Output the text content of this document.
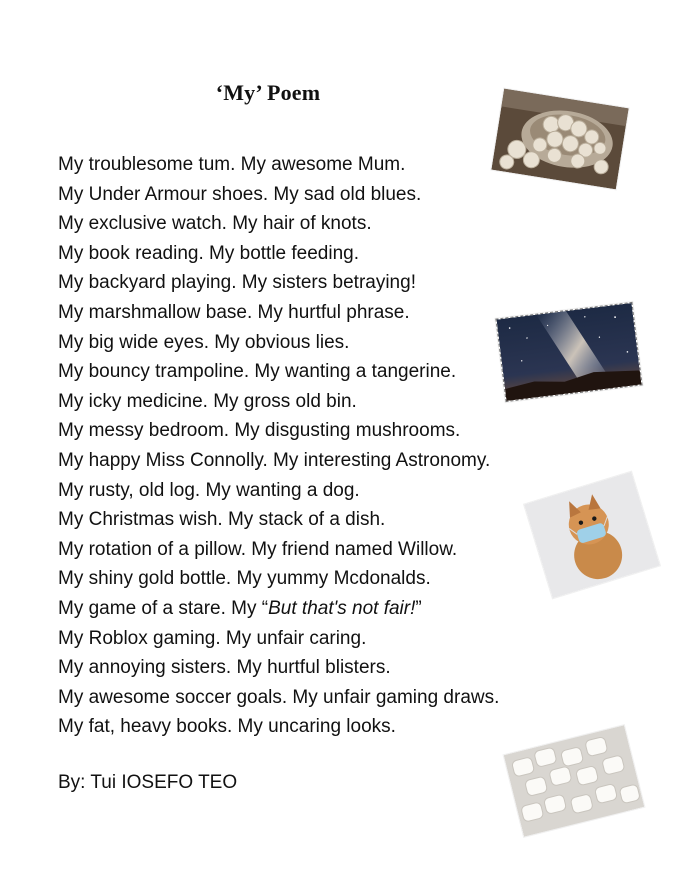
‘My’ Poem
My troublesome tum. My awesome Mum.
My Under Armour shoes. My sad old blues.
My exclusive watch. My hair of knots.
My book reading. My bottle feeding.
My backyard playing. My sisters betraying!
My marshmallow base. My hurtful phrase.
My big wide eyes. My obvious lies.
My bouncy trampoline. My wanting a tangerine.
My icky medicine. My gross old bin.
My messy bedroom. My disgusting mushrooms.
My happy Miss Connolly. My interesting Astronomy.
My rusty, old log. My wanting a dog.
My Christmas wish. My stack of a dish.
My rotation of a pillow. My friend named Willow.
My shiny gold bottle. My yummy Mcdonalds.
My game of a stare. My “But that's not fair!”
My Roblox gaming. My unfair caring.
My annoying sisters. My hurtful blisters.
My awesome soccer goals. My unfair gaming draws.
My fat, heavy books. My uncaring looks.
By: Tui IOSEFO TEO
